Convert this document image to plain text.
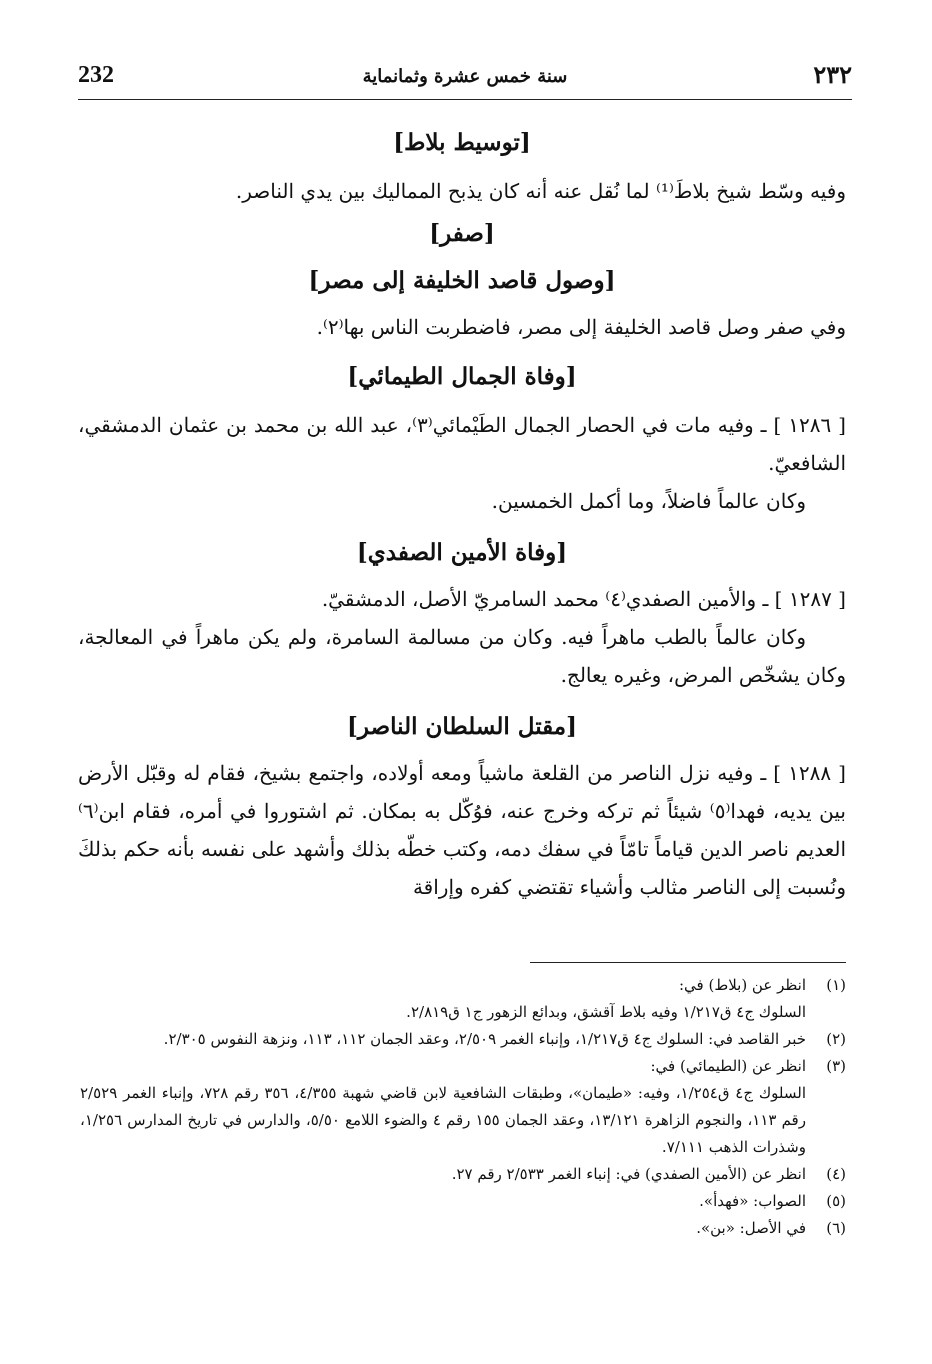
232	سنة خمس عشرة وثمانماية	٢٣٢
[توسيط بلاط]

وفيه وسّط شيخ بلاطَ⁽¹⁾ لما نُقل عنه أنه كان يذبح المماليك بين يدي الناصر.

[صفر]
[وصول قاصد الخليفة إلى مصر]

وفي صفر وصل قاصد الخليفة إلى مصر، فاضطربت الناس بها⁽٢⁾.

[وفاة الجمال الطيمائي]

[ ١٢٨٦ ] ـ وفيه مات في الحصار الجمال الطَيْمائي⁽٣⁾، عبد الله بن محمد بن عثمان الدمشقي، الشافعيّ.

وكان عالماً فاضلاً، وما أكمل الخمسين.

[وفاة الأمين الصفدي]

[ ١٢٨٧ ] ـ والأمين الصفدي⁽٤⁾ محمد السامريّ الأصل، الدمشقيّ.

وكان عالماً بالطب ماهراً فيه. وكان من مسالمة السامرة، ولم يكن ماهراً في المعالجة، وكان يشخّص المرض، وغيره يعالج.

[مقتل السلطان الناصر]

[ ١٢٨٨ ] ـ وفيه نزل الناصر من القلعة ماشياً ومعه أولاده، واجتمع بشيخ، فقام له وقبّل الأرض بين يديه، فهدا⁽٥⁾ شيئاً ثم تركه وخرج عنه، فوُكّل به بمكان. ثم اشتوروا في أمره، فقام ابن⁽٦⁾ العديم ناصر الدين قياماً تامّاً في سفك دمه، وكتب خطّه بذلك وأشهد على نفسه بأنه حكم بذلكَ ونُسبت إلى الناصر مثالب وأشياء تقتضي كفره وإراقة

(١)
انظر عن (بلاط) في:
السلوك ج٤ ق١/٢١٧ وفيه بلاط آقشق، وبدائع الزهور ج١ ق٢/٨١٩.
(٢)
خبر القاصد في: السلوك ج٤ ق١/٢١٧، وإنباء الغمر ٢/٥٠٩، وعقد الجمان ١١٢، ١١٣، ونزهة النفوس ٢/٣٠٥.
(٣)
انظر عن (الطيمائي) في:
السلوك ج٤ ق١/٢٥٤، وفيه: «طيمان»، وطبقات الشافعية لابن قاضي شهبة ٤/٣٥٥، ٣٥٦ رقم ٧٢٨، وإنباء الغمر ٢/٥٢٩ رقم ١١٣، والنجوم الزاهرة ١٣/١٢١، وعقد الجمان ١٥٥ رقم ٤ والضوء اللامع ٥/٥٠، والدارس في تاريخ المدارس ١/٢٥٦، وشذرات الذهب ٧/١١١.
(٤)
انظر عن (الأمين الصفدي) في: إنباء الغمر ٢/٥٣٣ رقم ٢٧.
(٥)
الصواب: «فهدأ».
(٦)
في الأصل: «بن».
